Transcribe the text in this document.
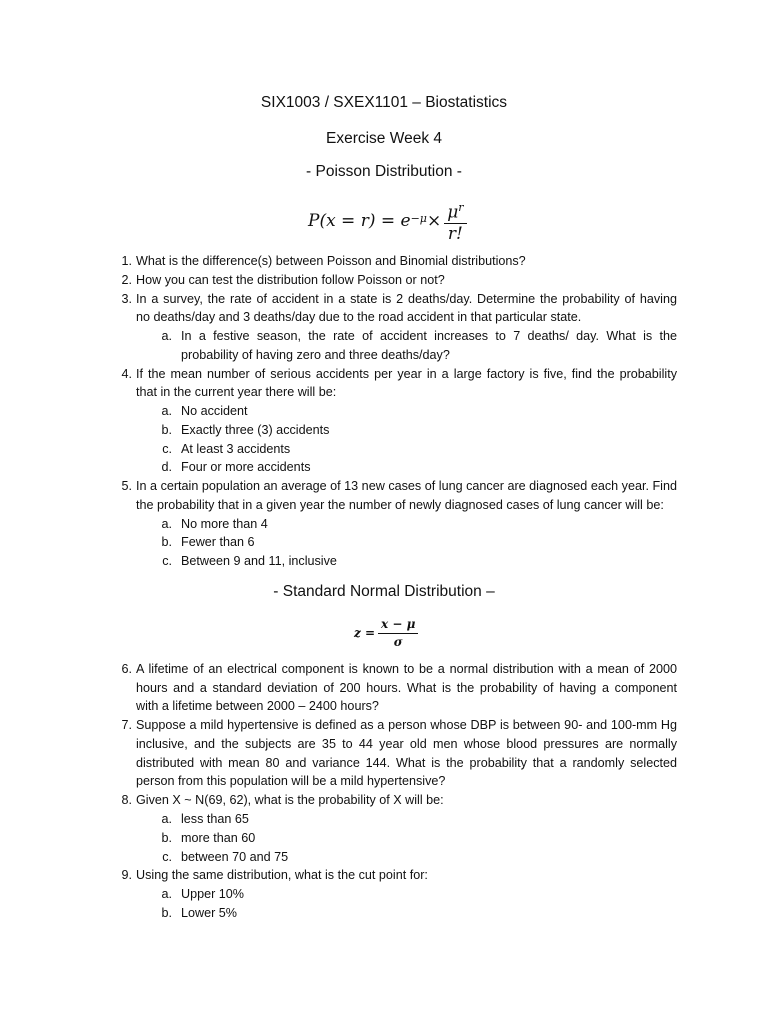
SIX1003 / SXEX1101 – Biostatistics
Exercise Week 4
- Poisson Distribution -
$P(x = r) = e^{-\mu} \times \frac{\mu^r}{r!}$
- Standard Normal Distribution –
$z = \frac{x - \mu}{\sigma}$
1. What is the difference(s) between Poisson and Binomial distributions?
2. How you can test the distribution follow Poisson or not?
3. In a survey, the rate of accident in a state is 2 deaths/day. Determine the probability of having
no deaths/day and 3 deaths/day due to the road accident in that particular state.
a. In a festive season, the rate of accident increases to 7 deaths/ day. What is the
probability of having zero and three deaths/day?
4. If the mean number of serious accidents per year in a large factory is five, find the probability
that in the current year there will be:
a. No accident
b. Exactly three (3) accidents
c. At least 3 accidents
d. Four or more accidents
5. In a certain population an average of 13 new cases of lung cancer are diagnosed each year. Find
the probability that in a given year the number of newly diagnosed cases of lung cancer will be:
a. No more than 4
b. Fewer than 6
c. Between 9 and 11, inclusive
6. A lifetime of an electrical component is known to be a normal distribution with a mean of 2000
hours and a standard deviation of 200 hours. What is the probability of having a component
with a lifetime between 2000 – 2400 hours?
7. Suppose a mild hypertensive is defined as a person whose DBP is between 90- and 100-mm Hg
inclusive, and the subjects are 35 to 44 year old men whose blood pressures are normally
distributed with mean 80 and variance 144. What is the probability that a randomly selected
person from this population will be a mild hypertensive?
8. Given X ~ N(69, 62), what is the probability of X will be:
a. less than 65
b. more than 60
c. between 70 and 75
9. Using the same distribution, what is the cut point for:
a. Upper 10%
b. Lower 5%
